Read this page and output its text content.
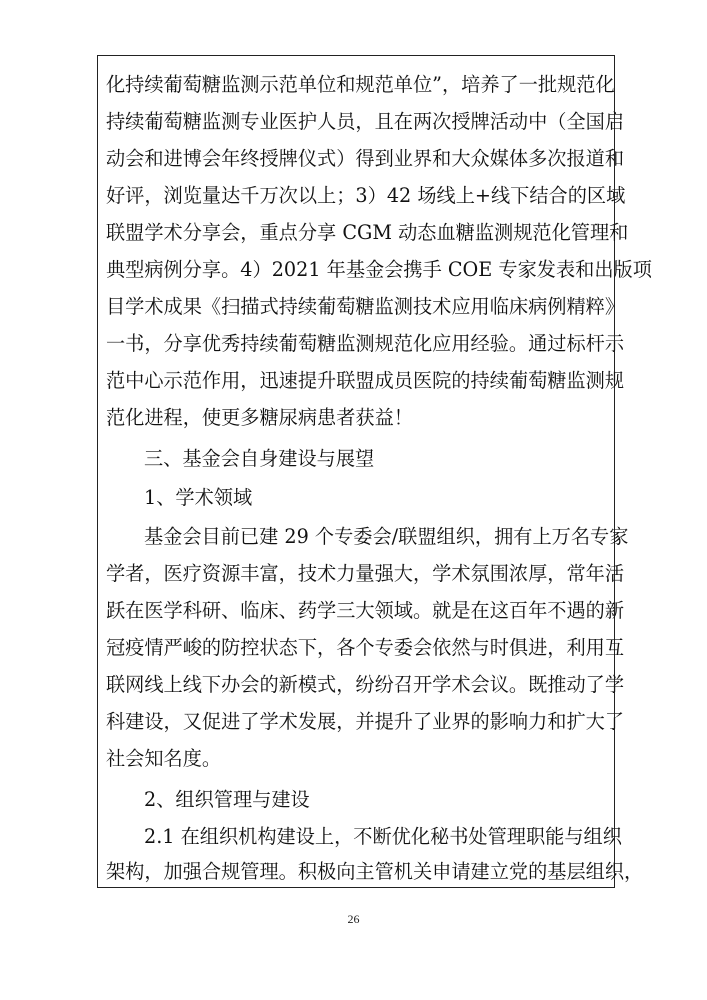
化持续葡萄糖监测示范单位和规范单位”，培养了一批规范化
持续葡萄糖监测专业医护人员，且在两次授牌活动中（全国启
动会和进博会年终授牌仪式）得到业界和大众媒体多次报道和
好评，浏览量达千万次以上；3）42 场线上+线下结合的区域
联盟学术分享会，重点分享 CGM 动态血糖监测规范化管理和
典型病例分享。4）2021 年基金会携手 COE 专家发表和出版项
目学术成果《扫描式持续葡萄糖监测技术应用临床病例精粹》
一书，分享优秀持续葡萄糖监测规范化应用经验。通过标杆示
范中心示范作用，迅速提升联盟成员医院的持续葡萄糖监测规
范化进程，使更多糖尿病患者获益！
三、基金会自身建设与展望
1、学术领域
基金会目前已建 29 个专委会/联盟组织，拥有上万名专家
学者，医疗资源丰富，技术力量强大，学术氛围浓厚，常年活
跃在医学科研、临床、药学三大领域。就是在这百年不遇的新
冠疫情严峻的防控状态下，各个专委会依然与时俱进，利用互
联网线上线下办会的新模式，纷纷召开学术会议。既推动了学
科建设，又促进了学术发展，并提升了业界的影响力和扩大了
社会知名度。
2、组织管理与建设
2.1 在组织机构建设上，不断优化秘书处管理职能与组织
架构，加强合规管理。积极向主管机关申请建立党的基层组织，
26
